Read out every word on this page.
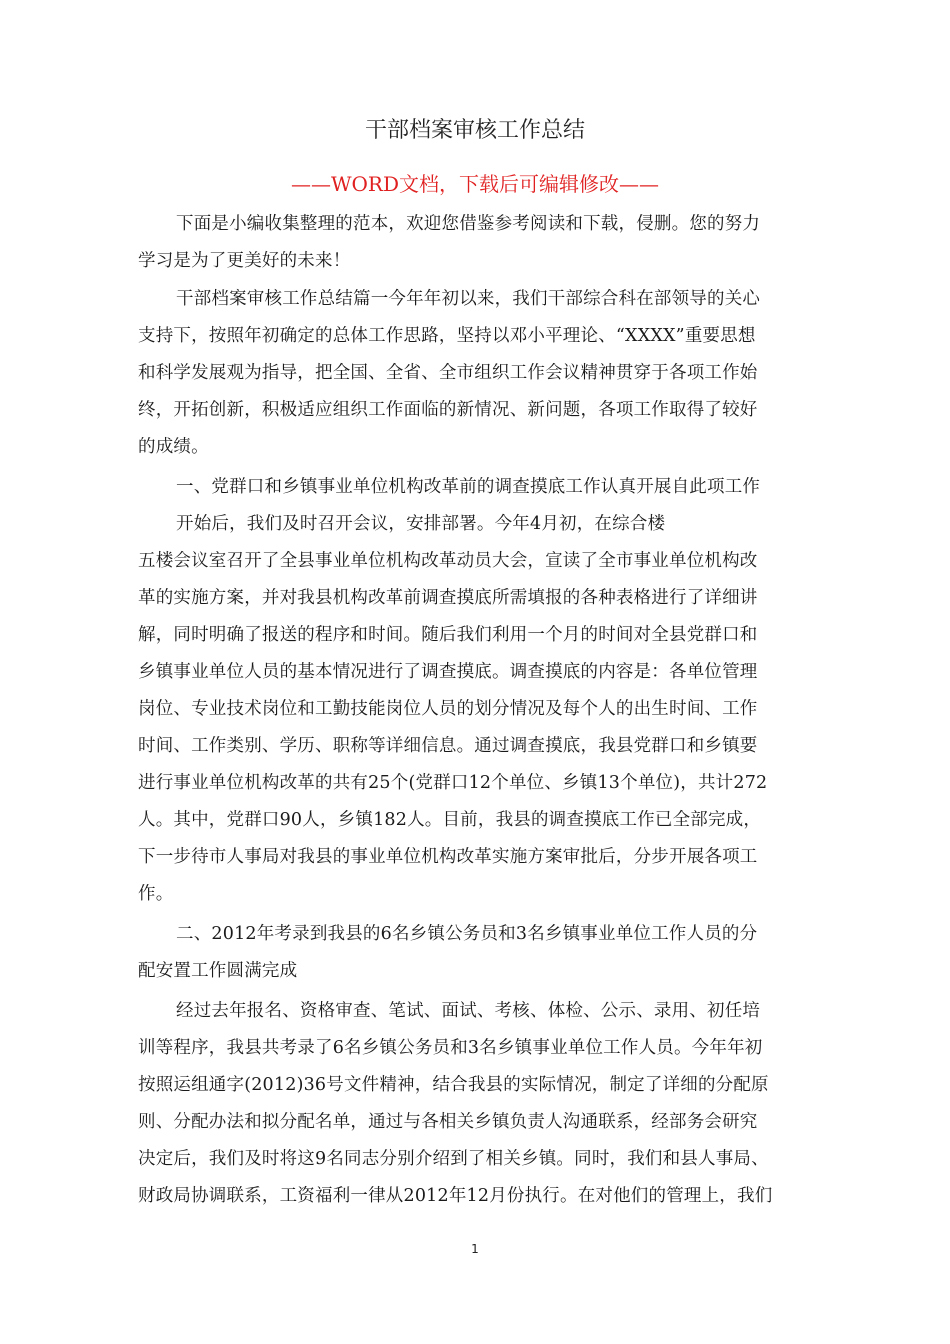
干部档案审核工作总结
——WORD文档，下载后可编辑修改——
下面是小编收集整理的范本，欢迎您借鉴参考阅读和下载，侵删。您的努力
学习是为了更美好的未来！
干部档案审核工作总结篇一今年年初以来，我们干部综合科在部领导的关心
支持下，按照年初确定的总体工作思路，坚持以邓小平理论、“XXXX”重要思想
和科学发展观为指导，把全国、全省、全市组织工作会议精神贯穿于各项工作始
终，开拓创新，积极适应组织工作面临的新情况、新问题，各项工作取得了较好
的成绩。
一、党群口和乡镇事业单位机构改革前的调查摸底工作认真开展自此项工作
开始后，我们及时召开会议，安排部署。今年4月初，在综合楼
五楼会议室召开了全县事业单位机构改革动员大会，宣读了全市事业单位机构改
革的实施方案，并对我县机构改革前调查摸底所需填报的各种表格进行了详细讲
解，同时明确了报送的程序和时间。随后我们利用一个月的时间对全县党群口和
乡镇事业单位人员的基本情况进行了调查摸底。调查摸底的内容是：各单位管理
岗位、专业技术岗位和工勤技能岗位人员的划分情况及每个人的出生时间、工作
时间、工作类别、学历、职称等详细信息。通过调查摸底，我县党群口和乡镇要
进行事业单位机构改革的共有25个(党群口12个单位、乡镇13个单位)，共计272
人。其中，党群口90人，乡镇182人。目前，我县的调查摸底工作已全部完成，
下一步待市人事局对我县的事业单位机构改革实施方案审批后，分步开展各项工
作。
二、2012年考录到我县的6名乡镇公务员和3名乡镇事业单位工作人员的分
配安置工作圆满完成
经过去年报名、资格审查、笔试、面试、考核、体检、公示、录用、初任培
训等程序，我县共考录了6名乡镇公务员和3名乡镇事业单位工作人员。今年年初
按照运组通字(2012)36号文件精神，结合我县的实际情况，制定了详细的分配原
则、分配办法和拟分配名单，通过与各相关乡镇负责人沟通联系，经部务会研究
决定后，我们及时将这9名同志分别介绍到了相关乡镇。同时，我们和县人事局、
财政局协调联系，工资福利一律从2012年12月份执行。在对他们的管理上，我们
1
